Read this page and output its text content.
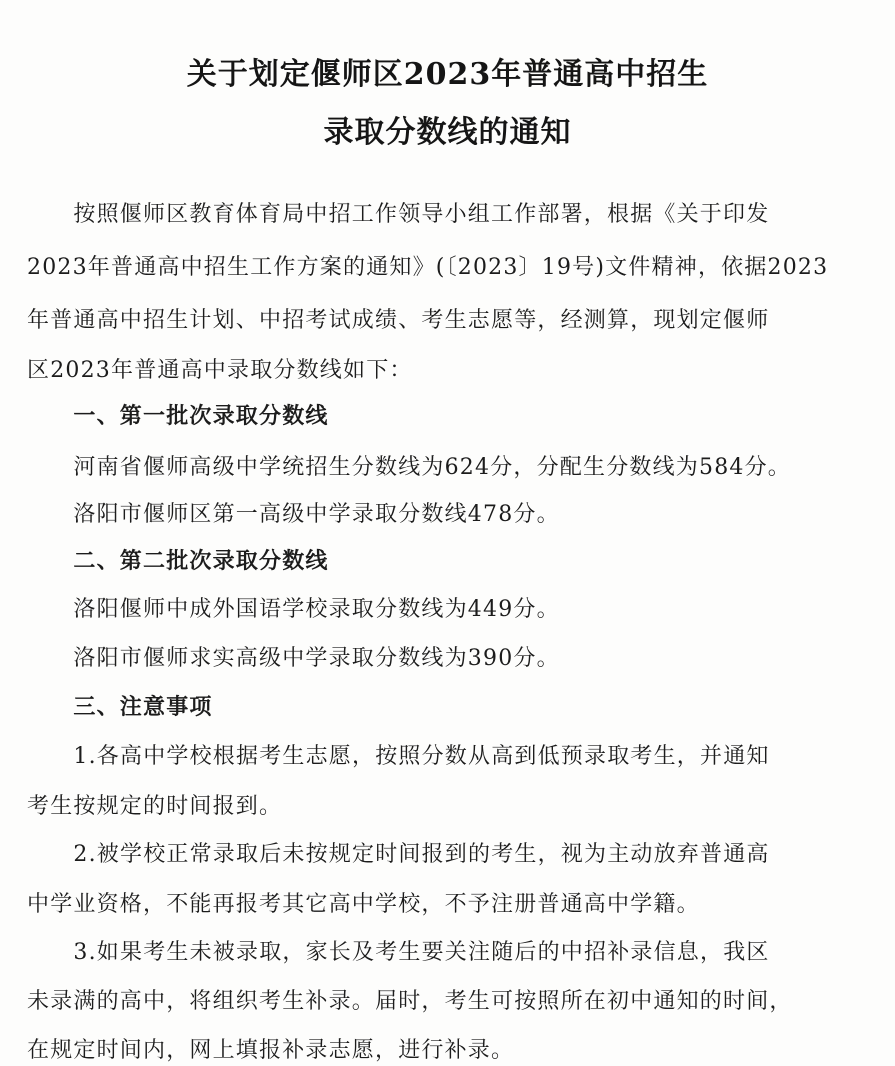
关于划定偃师区2023年普通高中招生
录取分数线的通知
　　按照偃师区教育体育局中招工作领导小组工作部署，根据《关于印发
2023年普通高中招生工作方案的通知》(〔2023〕19号)文件精神，依据2023
年普通高中招生计划、中招考试成绩、考生志愿等，经测算，现划定偃师
区2023年普通高中录取分数线如下：
　　一、第一批次录取分数线
　　河南省偃师高级中学统招生分数线为624分，分配生分数线为584分。
　　洛阳市偃师区第一高级中学录取分数线478分。
　　二、第二批次录取分数线
　　洛阳偃师中成外国语学校录取分数线为449分。
　　洛阳市偃师求实高级中学录取分数线为390分。
　　三、注意事项
　　1.各高中学校根据考生志愿，按照分数从高到低预录取考生，并通知
考生按规定的时间报到。
　　2.被学校正常录取后未按规定时间报到的考生，视为主动放弃普通高
中学业资格，不能再报考其它高中学校，不予注册普通高中学籍。
　　3.如果考生未被录取，家长及考生要关注随后的中招补录信息，我区
未录满的高中，将组织考生补录。届时，考生可按照所在初中通知的时间，
在规定时间内，网上填报补录志愿，进行补录。
